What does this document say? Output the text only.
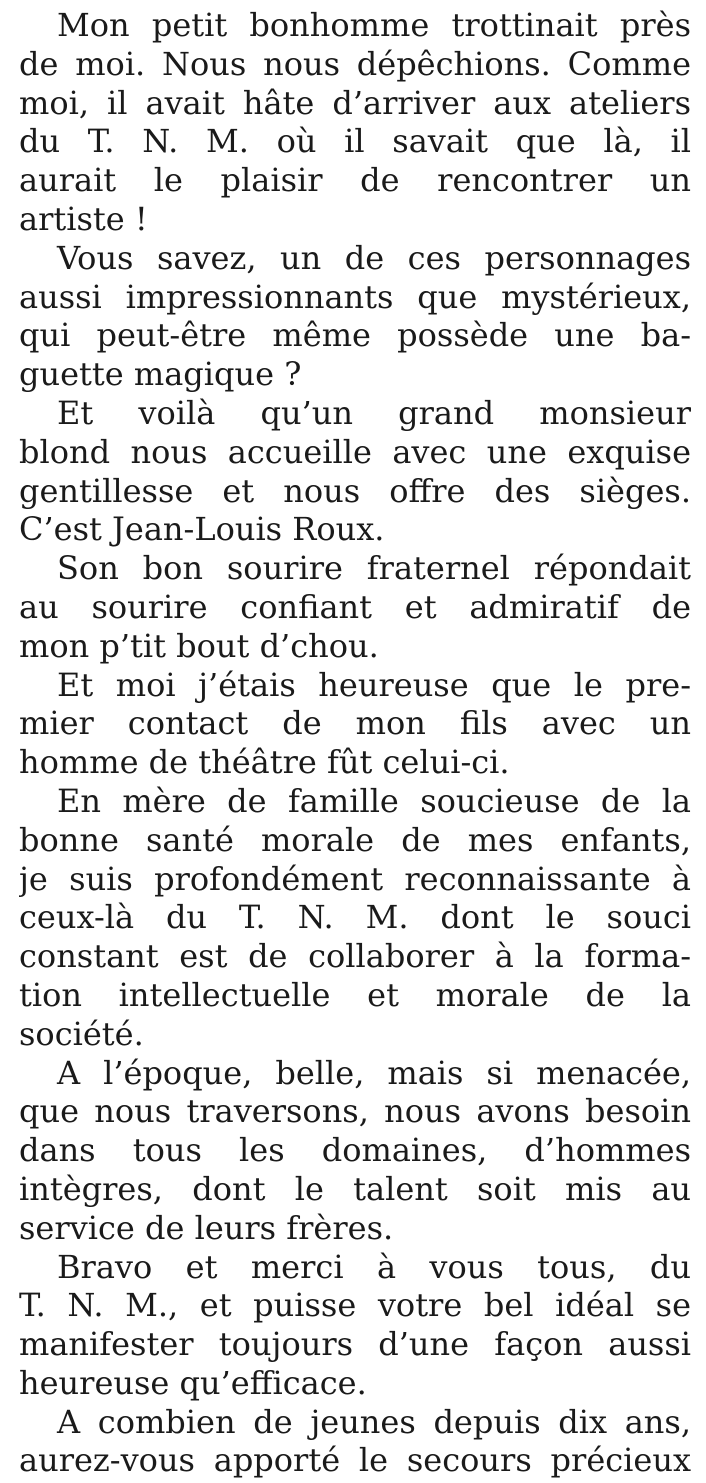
Mon petit bonhomme trottinait près
de moi. Nous nous dépêchions. Comme
moi, il avait hâte d’arriver aux ateliers
du T. N. M. où il savait que là, il
aurait le plaisir de rencontrer un
artiste !
Vous savez, un de ces personnages
aussi impressionnants que mystérieux,
qui peut-être même possède une ba-
guette magique ?
Et voilà qu’un grand monsieur
blond nous accueille avec une exquise
gentillesse et nous offre des sièges.
C’est Jean-Louis Roux.
Son bon sourire fraternel répondait
au sourire confiant et admiratif de
mon p’tit bout d’chou.
Et moi j’étais heureuse que le pre-
mier contact de mon fils avec un
homme de théâtre fût celui-ci.
En mère de famille soucieuse de la
bonne santé morale de mes enfants,
je suis profondément reconnaissante à
ceux-là du T. N. M. dont le souci
constant est de collaborer à la forma-
tion intellectuelle et morale de la
société.
A l’époque, belle, mais si menacée,
que nous traversons, nous avons besoin
dans tous les domaines, d’hommes
intègres, dont le talent soit mis au
service de leurs frères.
Bravo et merci à vous tous, du
T. N. M., et puisse votre bel idéal se
manifester toujours d’une façon aussi
heureuse qu’efficace.
A combien de jeunes depuis dix ans,
aurez-vous apporté le secours précieux
